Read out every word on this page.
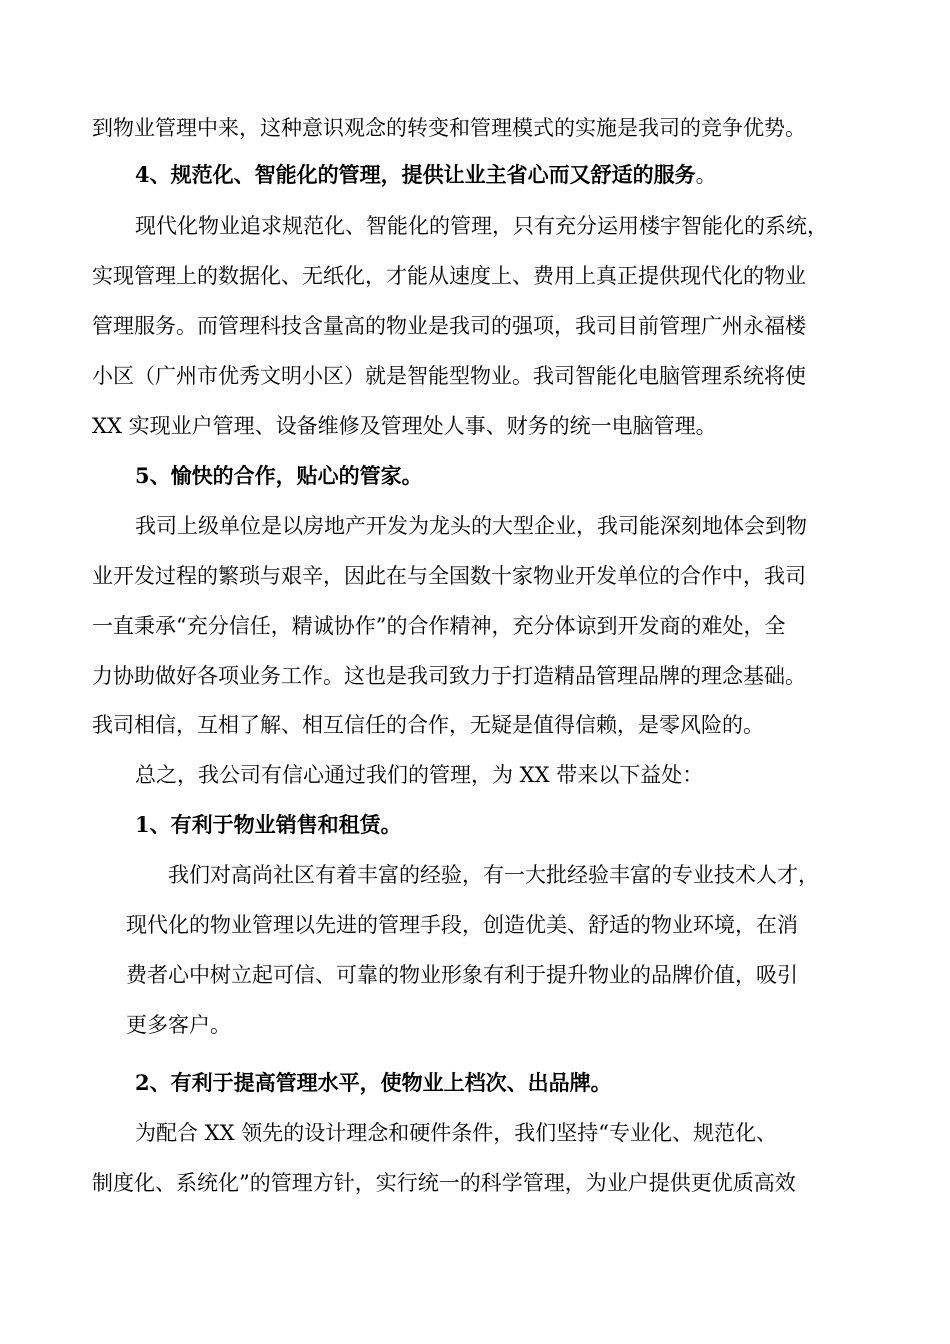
到物业管理中来，这种意识观念的转变和管理模式的实施是我司的竞争优势。
4、规范化、智能化的管理，提供让业主省心而又舒适的服务。
现代化物业追求规范化、智能化的管理，只有充分运用楼宇智能化的系统，
实现管理上的数据化、无纸化，才能从速度上、费用上真正提供现代化的物业
管理服务。而管理科技含量高的物业是我司的强项，我司目前管理广州永福楼
小区（广州市优秀文明小区）就是智能型物业。我司智能化电脑管理系统将使
XX 实现业户管理、设备维修及管理处人事、财务的统一电脑管理。
5、愉快的合作，贴心的管家。
我司上级单位是以房地产开发为龙头的大型企业，我司能深刻地体会到物
业开发过程的繁琐与艰辛，因此在与全国数十家物业开发单位的合作中，我司
一直秉承“充分信任，精诚协作”的合作精神，充分体谅到开发商的难处，全
力协助做好各项业务工作。这也是我司致力于打造精品管理品牌的理念基础。
我司相信，互相了解、相互信任的合作，无疑是值得信赖，是零风险的。
总之，我公司有信心通过我们的管理，为 XX 带来以下益处：
1、有利于物业销售和租赁。
我们对高尚社区有着丰富的经验，有一大批经验丰富的专业技术人才，
现代化的物业管理以先进的管理手段，创造优美、舒适的物业环境，在消
费者心中树立起可信、可靠的物业形象有利于提升物业的品牌价值，吸引
更多客户。
2、有利于提高管理水平，使物业上档次、出品牌。
为配合 XX 领先的设计理念和硬件条件，我们坚持“专业化、规范化、
制度化、系统化”的管理方针，实行统一的科学管理，为业户提供更优质高效
